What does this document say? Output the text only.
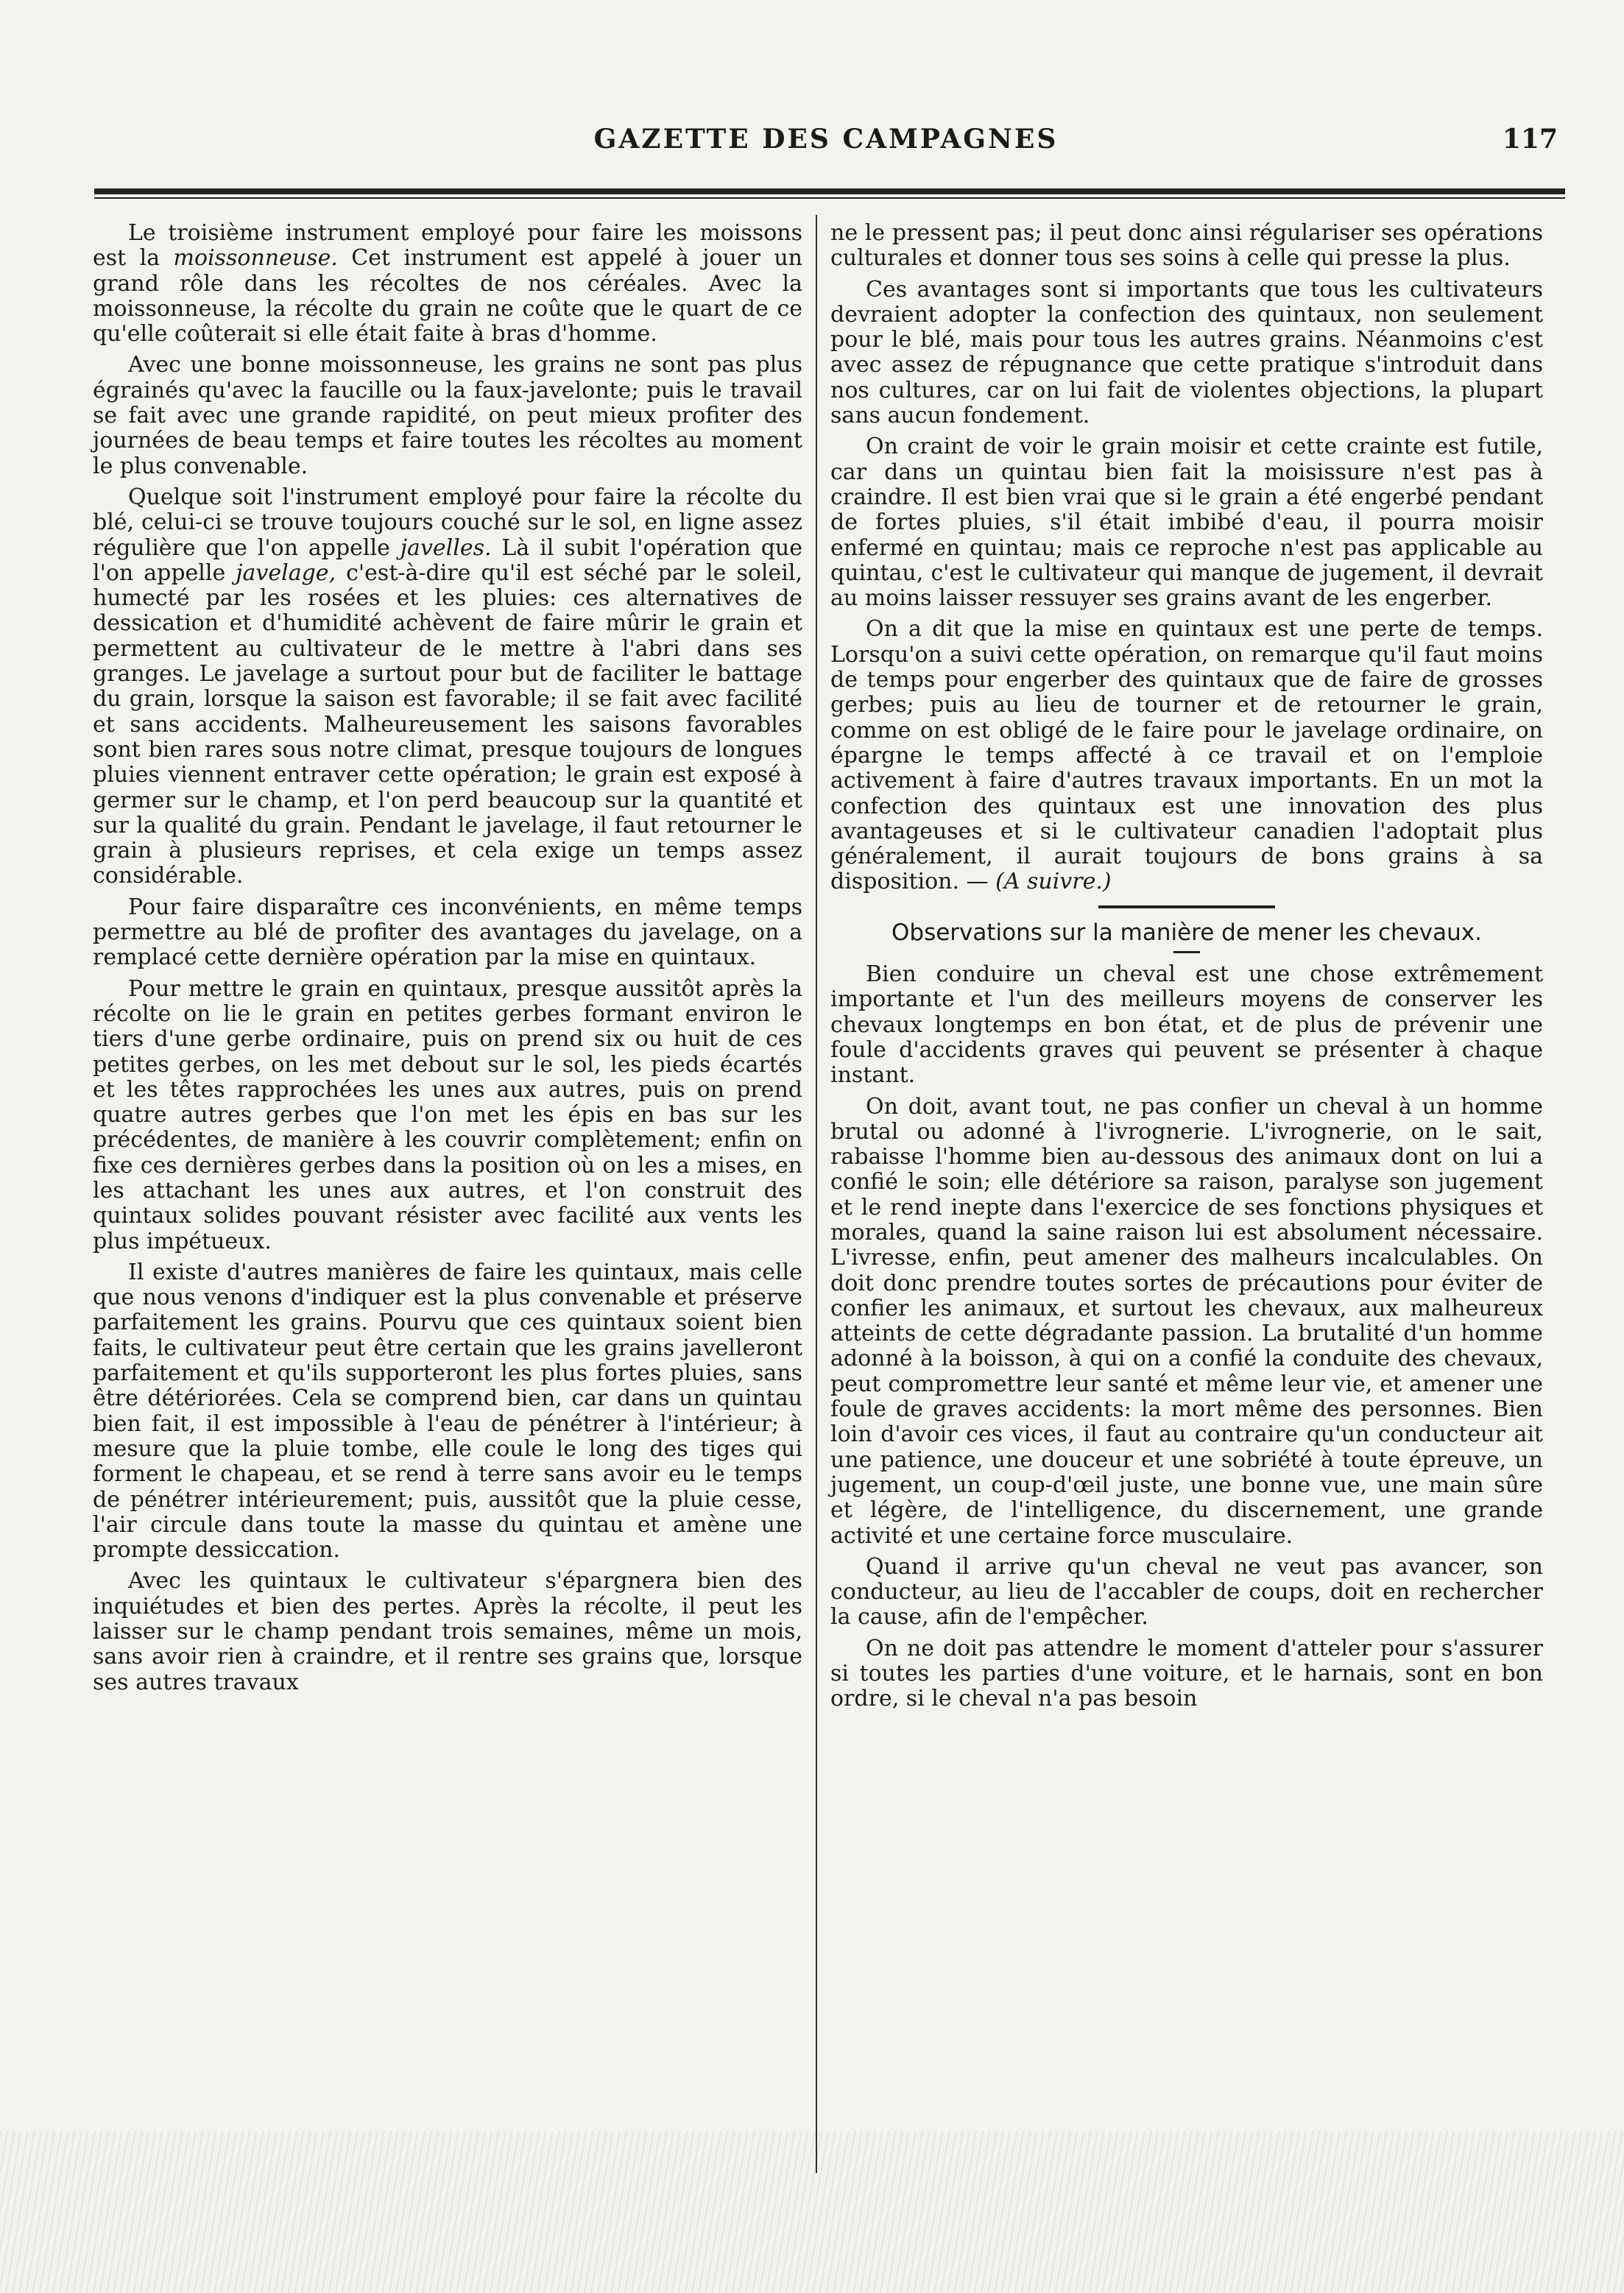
GAZETTE DES CAMPAGNES	117

Le troisième instrument employé pour faire les moissons est la moissonneuse. Cet instrument est appelé à jouer un grand rôle dans les récoltes de nos céréales. Avec la moissonneuse, la récolte du grain ne coûte que le quart de ce qu'elle coûterait si elle était faite à bras d'homme.

Avec une bonne moissonneuse, les grains ne sont pas plus égrainés qu'avec la faucille ou la faux-javelonte; puis le travail se fait avec une grande rapidité, on peut mieux profiter des journées de beau temps et faire toutes les récoltes au moment le plus convenable.

Quelque soit l'instrument employé pour faire la récolte du blé, celui-ci se trouve toujours couché sur le sol, en ligne assez régulière que l'on appelle javelles. Là il subit l'opération que l'on appelle javelage, c'est-à-dire qu'il est séché par le soleil, humecté par les rosées et les pluies: ces alternatives de dessication et d'humidité achèvent de faire mûrir le grain et permettent au cultivateur de le mettre à l'abri dans ses granges. Le javelage a surtout pour but de faciliter le battage du grain, lorsque la saison est favorable; il se fait avec facilité et sans accidents. Malheureusement les saisons favorables sont bien rares sous notre climat, presque toujours de longues pluies viennent entraver cette opération; le grain est exposé à germer sur le champ, et l'on perd beaucoup sur la quantité et sur la qualité du grain. Pendant le javelage, il faut retourner le grain à plusieurs reprises, et cela exige un temps assez considérable.

Pour faire disparaître ces inconvénients, en même temps permettre au blé de profiter des avantages du javelage, on a remplacé cette dernière opération par la mise en quintaux.

Pour mettre le grain en quintaux, presque aussitôt après la récolte on lie le grain en petites gerbes formant environ le tiers d'une gerbe ordinaire, puis on prend six ou huit de ces petites gerbes, on les met debout sur le sol, les pieds écartés et les têtes rapprochées les unes aux autres, puis on prend quatre autres gerbes que l'on met les épis en bas sur les précédentes, de manière à les couvrir complètement; enfin on fixe ces dernières gerbes dans la position où on les a mises, en les attachant les unes aux autres, et l'on construit des quintaux solides pouvant résister avec facilité aux vents les plus impétueux.

Il existe d'autres manières de faire les quintaux, mais celle que nous venons d'indiquer est la plus convenable et préserve parfaitement les grains. Pourvu que ces quintaux soient bien faits, le cultivateur peut être certain que les grains javelleront parfaitement et qu'ils supporteront les plus fortes pluies, sans être détériorées. Cela se comprend bien, car dans un quintau bien fait, il est impossible à l'eau de pénétrer à l'intérieur; à mesure que la pluie tombe, elle coule le long des tiges qui forment le chapeau, et se rend à terre sans avoir eu le temps de pénétrer intérieurement; puis, aussitôt que la pluie cesse, l'air circule dans toute la masse du quintau et amène une prompte dessiccation.

Avec les quintaux le cultivateur s'épargnera bien des inquiétudes et bien des pertes. Après la récolte, il peut les laisser sur le champ pendant trois semaines, même un mois, sans avoir rien à craindre, et il rentre ses grains que, lorsque ses autres travaux

ne le pressent pas; il peut donc ainsi régulariser ses opérations culturales et donner tous ses soins à celle qui presse la plus.

Ces avantages sont si importants que tous les cultivateurs devraient adopter la confection des quintaux, non seulement pour le blé, mais pour tous les autres grains. Néanmoins c'est avec assez de répugnance que cette pratique s'introduit dans nos cultures, car on lui fait de violentes objections, la plupart sans aucun fondement.

On craint de voir le grain moisir et cette crainte est futile, car dans un quintau bien fait la moisissure n'est pas à craindre. Il est bien vrai que si le grain a été engerbé pendant de fortes pluies, s'il était imbibé d'eau, il pourra moisir enfermé en quintau; mais ce reproche n'est pas applicable au quintau, c'est le cultivateur qui manque de jugement, il devrait au moins laisser ressuyer ses grains avant de les engerber.

On a dit que la mise en quintaux est une perte de temps. Lorsqu'on a suivi cette opération, on remarque qu'il faut moins de temps pour engerber des quintaux que de faire de grosses gerbes; puis au lieu de tourner et de retourner le grain, comme on est obligé de le faire pour le javelage ordinaire, on épargne le temps affecté à ce travail et on l'emploie activement à faire d'autres travaux importants. En un mot la confection des quintaux est une innovation des plus avantageuses et si le cultivateur canadien l'adoptait plus généralement, il aurait toujours de bons grains à sa disposition. — (A suivre.)

Observations sur la manière de mener les chevaux.

Bien conduire un cheval est une chose extrêmement importante et l'un des meilleurs moyens de conserver les chevaux longtemps en bon état, et de plus de prévenir une foule d'accidents graves qui peuvent se présenter à chaque instant.

On doit, avant tout, ne pas confier un cheval à un homme brutal ou adonné à l'ivrognerie. L'ivrognerie, on le sait, rabaisse l'homme bien au-dessous des animaux dont on lui a confié le soin; elle détériore sa raison, paralyse son jugement et le rend inepte dans l'exercice de ses fonctions physiques et morales, quand la saine raison lui est absolument nécessaire. L'ivresse, enfin, peut amener des malheurs incalculables. On doit donc prendre toutes sortes de précautions pour éviter de confier les animaux, et surtout les chevaux, aux malheureux atteints de cette dégradante passion. La brutalité d'un homme adonné à la boisson, à qui on a confié la conduite des chevaux, peut compromettre leur santé et même leur vie, et amener une foule de graves accidents: la mort même des personnes. Bien loin d'avoir ces vices, il faut au contraire qu'un conducteur ait une patience, une douceur et une sobriété à toute épreuve, un jugement, un coup-d'œil juste, une bonne vue, une main sûre et légère, de l'intelligence, du discernement, une grande activité et une certaine force musculaire.

Quand il arrive qu'un cheval ne veut pas avancer, son conducteur, au lieu de l'accabler de coups, doit en rechercher la cause, afin de l'empêcher.

On ne doit pas attendre le moment d'atteler pour s'assurer si toutes les parties d'une voiture, et le harnais, sont en bon ordre, si le cheval n'a pas besoin
